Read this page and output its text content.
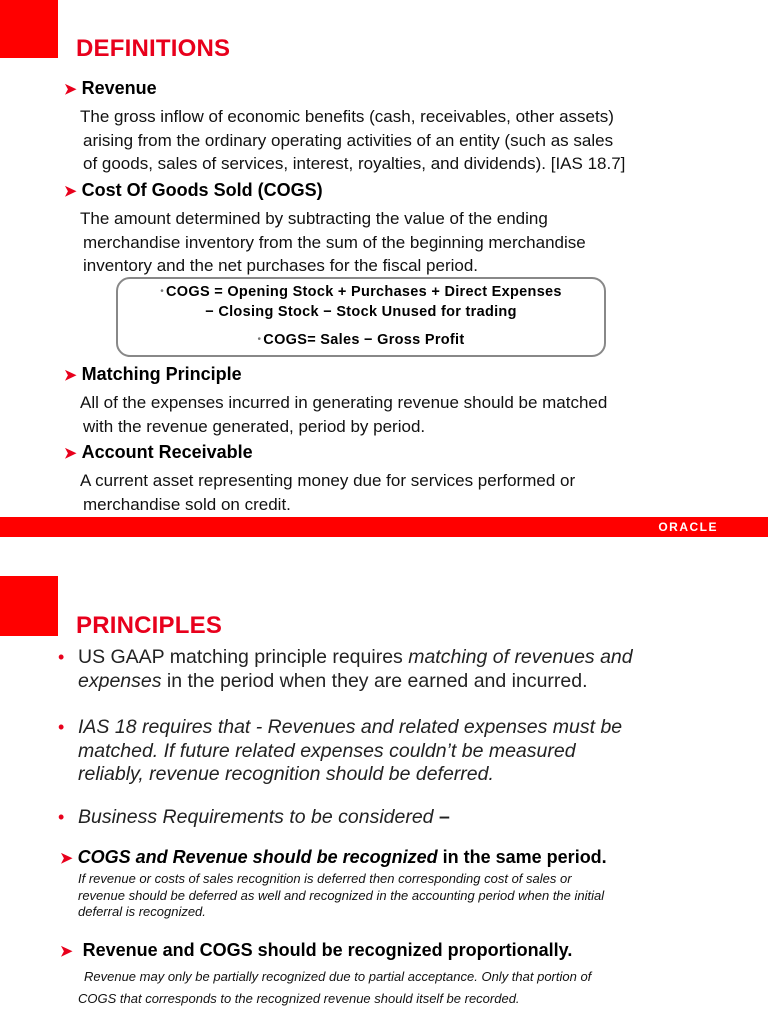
DEFINITIONS
➤ Revenue
The gross inflow of economic benefits (cash, receivables, other assets)
arising from the ordinary operating activities of an entity (such as sales
of goods, sales of services, interest, royalties, and dividends). [IAS 18.7]
➤ Cost Of Goods Sold (COGS)
The amount determined by subtracting the value of the ending
merchandise inventory from the sum of the beginning merchandise
inventory and the net purchases for the fiscal period.
• COGS = Opening Stock + Purchases + Direct Expenses
− Closing Stock − Stock Unused for trading
• COGS= Sales − Gross Profit
➤ Matching Principle
All of the expenses incurred in generating revenue should be matched
with the revenue generated, period by period.
➤ Account Receivable
A current asset representing money due for services performed or
merchandise sold on credit.
ORACLE
PRINCIPLES
• US GAAP matching principle requires matching of revenues and
expenses in the period when they are earned and incurred.
• IAS 18 requires that - Revenues and related expenses must be
matched. If future related expenses couldn’t be measured
reliably, revenue recognition should be deferred.
• Business Requirements to be considered –
➤ COGS and Revenue should be recognized in the same period.
If revenue or costs of sales recognition is deferred then corresponding cost of sales or
revenue should be deferred as well and recognized in the accounting period when the initial
deferral is recognized.
➤ Revenue and COGS should be recognized proportionally.
Revenue may only be partially recognized due to partial acceptance. Only that portion of
COGS that corresponds to the recognized revenue should itself be recorded.
